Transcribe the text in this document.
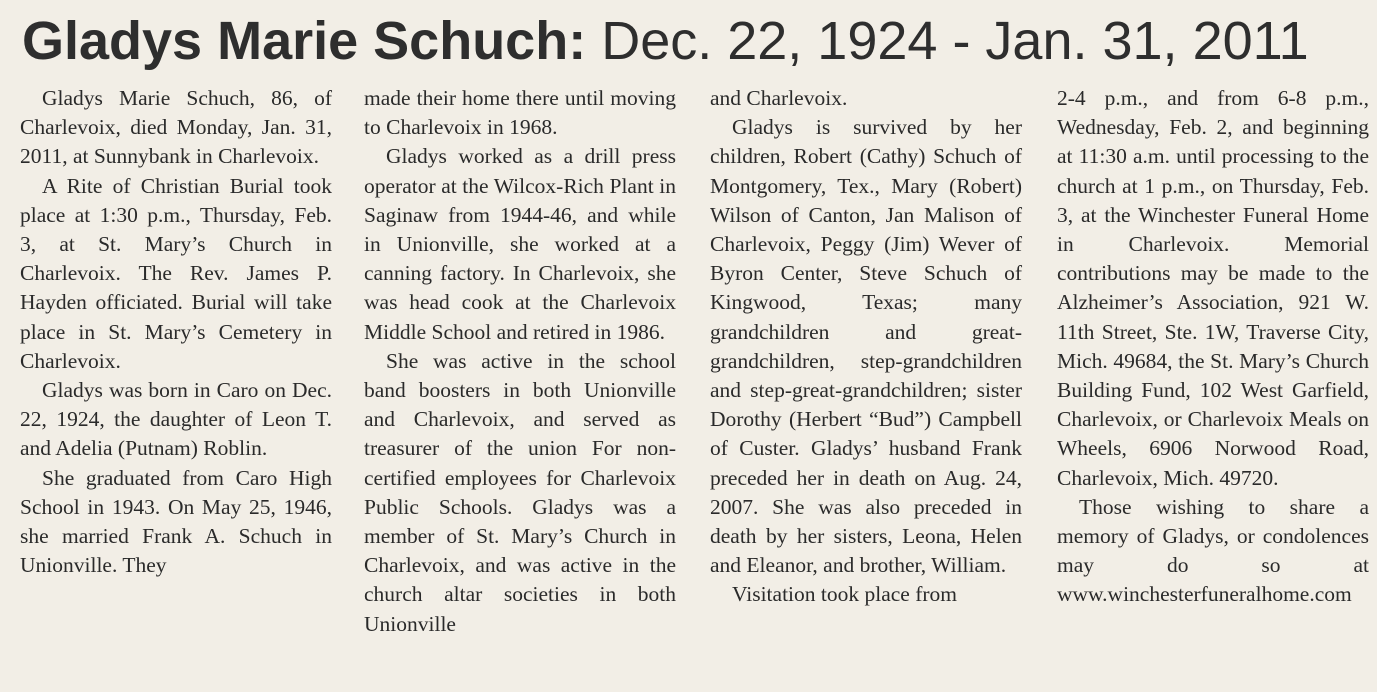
Gladys Marie Schuch: Dec. 22, 1924 - Jan. 31, 2011

Gladys Marie Schuch, 86, of Charlevoix, died Monday, Jan. 31, 2011, at Sunnybank in Charlevoix.

A Rite of Christian Burial took place at 1:30 p.m., Thursday, Feb. 3, at St. Mary’s Church in Charlevoix. The Rev. James P. Hayden officiated. Burial will take place in St. Mary’s Cemetery in Charlevoix.

Gladys was born in Caro on Dec. 22, 1924, the daughter of Leon T. and Adelia (Putnam) Roblin.

She graduated from Caro High School in 1943. On May 25, 1946, she married Frank A. Schuch in Unionville. They

made their home there until moving to Charlevoix in 1968.

Gladys worked as a drill press operator at the Wilcox-Rich Plant in Saginaw from 1944-46, and while in Unionville, she worked at a canning factory. In Charlevoix, she was head cook at the Charlevoix Middle School and retired in 1986.

She was active in the school band boosters in both Unionville and Charlevoix, and served as treasurer of the union For non-certified employees for Charlevoix Public Schools. Gladys was a member of St. Mary’s Church in Charlevoix, and was active in the church altar societies in both Unionville

and Charlevoix.

Gladys is survived by her children, Robert (Cathy) Schuch of Montgomery, Tex., Mary (Robert) Wilson of Canton, Jan Malison of Charlevoix, Peggy (Jim) Wever of Byron Center, Steve Schuch of Kingwood, Texas; many grandchildren and great-grandchildren, step-grandchildren and step-great-grandchildren; sister Dorothy (Herbert “Bud”) Campbell of Custer. Gladys’ husband Frank preceded her in death on Aug. 24, 2007. She was also preceded in death by her sisters, Leona, Helen and Eleanor, and brother, William.

Visitation took place from

2-4 p.m., and from 6-8 p.m., Wednesday, Feb. 2, and beginning at 11:30 a.m. until processing to the church at 1 p.m., on Thursday, Feb. 3, at the Winchester Funeral Home in Charlevoix. Memorial contributions may be made to the Alzheimer’s Association, 921 W. 11th Street, Ste. 1W, Traverse City, Mich. 49684, the St. Mary’s Church Building Fund, 102 West Garfield, Charlevoix, or Charlevoix Meals on Wheels, 6906 Norwood Road, Charlevoix, Mich. 49720.

Those wishing to share a memory of Gladys, or condolences may do so at www.winchesterfuneralhome.com
